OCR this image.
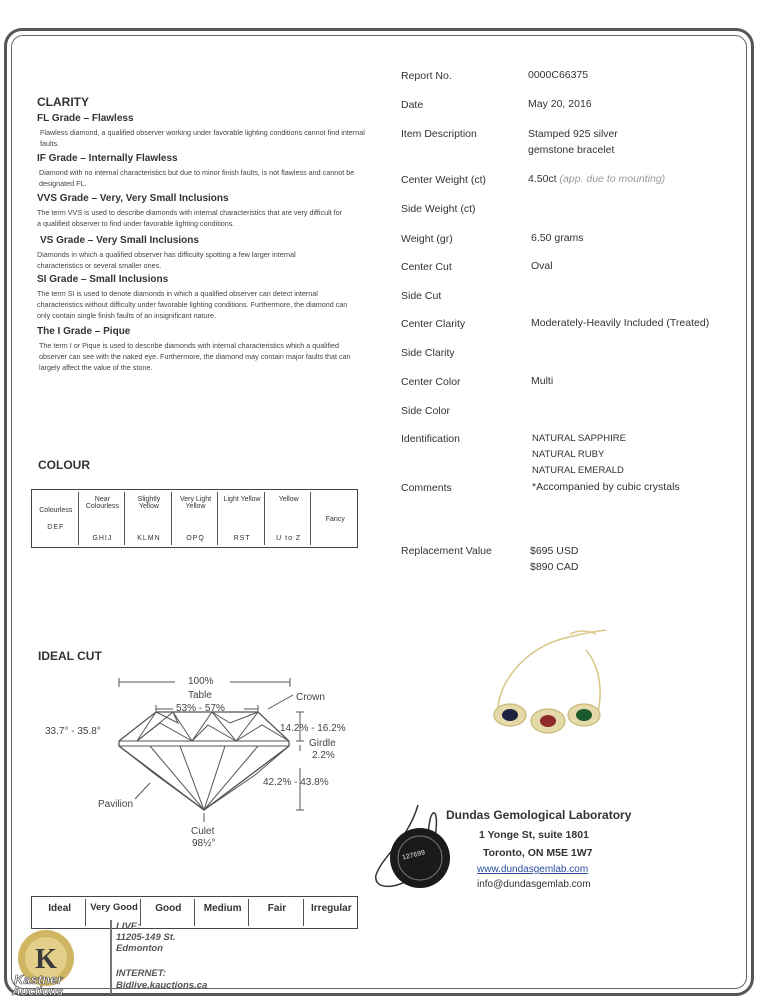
CLARITY
FL Grade – Flawless
Flawless diamond, a qualified observer working under favorable lighting conditions cannot find internal faults.
IF Grade – Internally Flawless
Diamond with no internal characteristics but due to minor finish faults, is not flawless and cannot be designated FL.
VVS Grade – Very, Very Small Inclusions
The term VVS is used to describe diamonds with internal characteristics that are very difficult for a qualified observer to find under favorable lighting conditions.
VS Grade – Very Small Inclusions
Diamonds in which a qualified observer has difficulty spotting a few larger internal characteristics or several smaller ones.
SI Grade – Small Inclusions
The term SI is used to denote diamonds in which a qualified observer can detect internal characteristics without difficulty under favorable lighting conditions. Furthermore, the diamond can only contain single finish faults of an insignificant nature.
The I Grade – Pique
The term I or Pique is used to describe diamonds with internal characteristics which a qualified observer can see with the naked eye. Furthermore, the diamond may contain major faults that can largely affect the value of the stone.
COLOUR
Colourless
DEF
Near Colourless
GHIJ
Slightly Yellow
KLMN
Very Light Yellow
OPQ
Light Yellow
RST
Yellow
U to Z
Fancy
IDEAL CUT
100%
Table
53% - 57%
Crown
33.7° - 35.8°	14.2% - 16.2%
Girdle
2.2%
42.2% - 43.8%
Pavilion
Culet
98½°
Ideal	Very Good	Good	Medium	Fair	Irregular
Report No.	0000C66375
Date	May 20, 2016
Item Description	Stamped 925 silver
gemstone bracelet
Center Weight (ct)	4.50ct (app. due to mounting)
Side Weight (ct)
Weight (gr)	6.50 grams
Center Cut	Oval
Side Cut
Center Clarity	Moderately-Heavily Included (Treated)
Side Clarity
Center Color	Multi
Side Color
Identification	NATURAL SAPPHIRE
NATURAL RUBY
NATURAL EMERALD
Comments	*Accompanied by cubic crystals
Replacement Value	$695 USD
$890 CAD
127699
Dundas Gemological Laboratory
1 Yonge St, suite 1801
Toronto, ON M5E 1W7
www.dundasgemlab.com
info@dundasgemlab.com
K
Kastner
Auctions
LIVE:
11205-149 St.
Edmonton
INTERNET:
Bidlive.kauctions.ca
